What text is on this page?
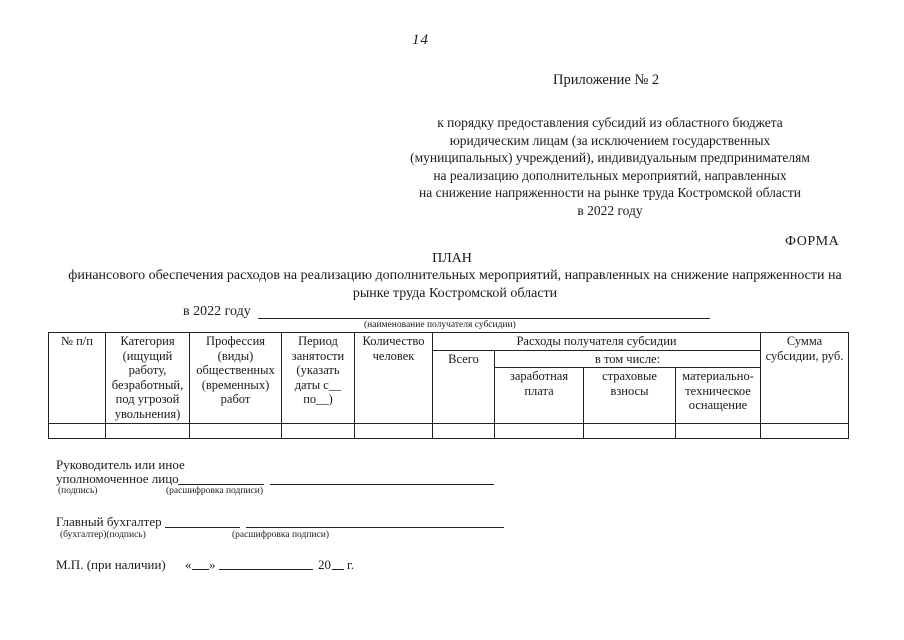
14
Приложение № 2
к порядку предоставления субсидий из областного бюджета
юридическим лицам (за исключением государственных
(муниципальных) учреждений), индивидуальным предпринимателям
на реализацию дополнительных мероприятий, направленных
на снижение напряженности на рынке труда Костромской области
в 2022 году
ФОРМА
ПЛАН
финансового обеспечения расходов на реализацию дополнительных мероприятий, направленных на снижение напряженности на рынке труда Костромской области
в 2022 году
(наименование получателя субсидии)
№ п/п	Категория (ищущий работу, безработный, под угрозой увольнения)	Профессия (виды) общественных (временных) работ	Период занятости (указать даты с__ по__)	Количество человек	Расходы получателя субсидии				Сумма субсидии, руб.
					Всего	в том числе:			
						заработная плата	страховые взносы	материально-техническое оснащение	

Руководитель или иное
уполномоченное лицо
(подпись)	(расшифровка подписи)
Главный бухгалтер
(бухгалтер)(подпись)	(расшифровка подписи)
М.П. (при наличии) « »	20 г.
